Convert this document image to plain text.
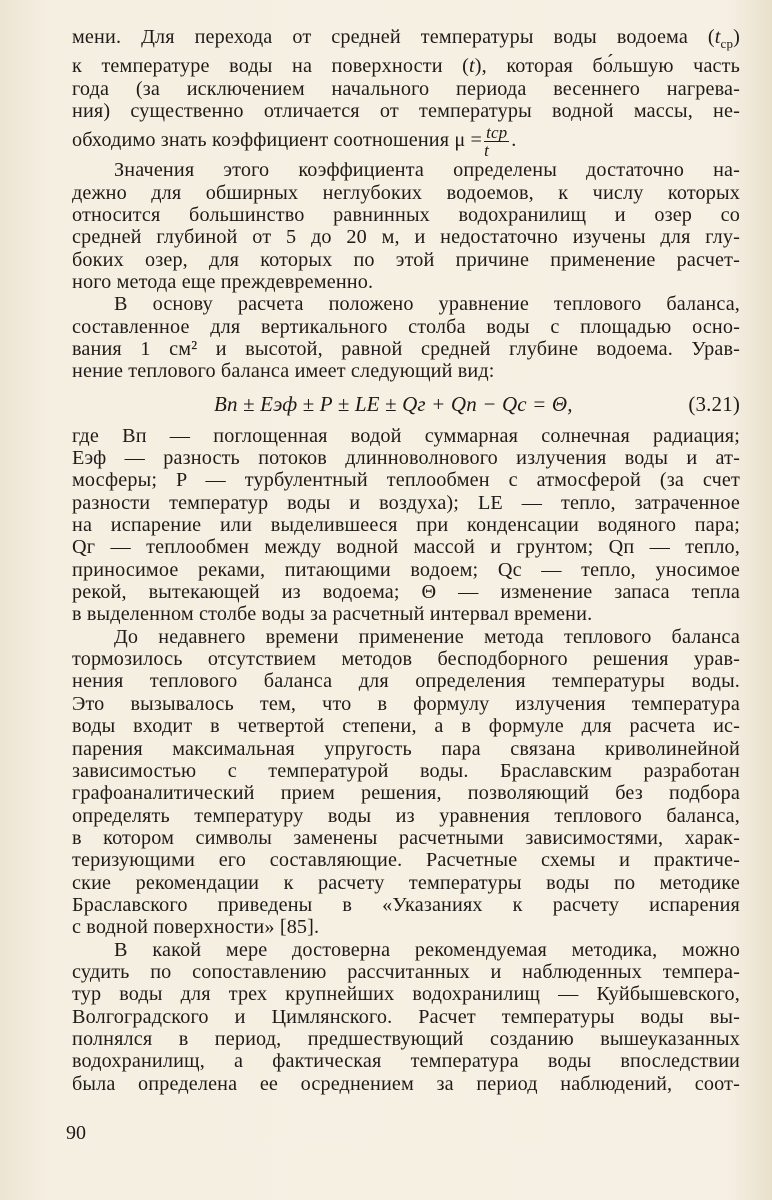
мени. Для перехода от средней температуры воды водоема $(t_{ср})$
к температуре воды на поверхности (t), которая бо́льшую часть
года (за исключением начального периода весеннего нагрева-
ния) существенно отличается от температуры водной массы, не-
обходимо знать коэффициент соотношения $\mu = \frac{\text{tср}}{t}$ .
Значения этого коэффициента определены достаточно на-
дежно для обширных неглубоких водоемов, к числу которых
относится большинство равнинных водохранилищ и озер со
средней глубиной от 5 до 20 м, и недостаточно изучены для глу-
боких озер, для которых по этой причине применение расчет-
ного метода еще преждевременно.
В основу расчета положено уравнение теплового баланса,
составленное для вертикального столба воды с площадью осно-
вания 1 см² и высотой, равной средней глубине водоема. Урав-
нение теплового баланса имеет следующий вид:
Bп ± Eэф ± P ± LE ± Qг + Qп − Qс = Θ,	(3.21)
где Bп — поглощенная водой суммарная солнечная радиация;
Eэф — разность потоков длинноволнового излучения воды и ат-
мосферы; P — турбулентный теплообмен с атмосферой (за счет
разности температур воды и воздуха); LE — тепло, затраченное
на испарение или выделившееся при конденсации водяного пара;
Qг — теплообмен между водной массой и грунтом; Qп — тепло,
приносимое реками, питающими водоем; Qс — тепло, уносимое
рекой, вытекающей из водоема; Θ — изменение запаса тепла
в выделенном столбе воды за расчетный интервал времени.
До недавнего времени применение метода теплового баланса
тормозилось отсутствием методов бесподборного решения урав-
нения теплового баланса для определения температуры воды.
Это вызывалось тем, что в формулу излучения температура
воды входит в четвертой степени, а в формуле для расчета ис-
парения максимальная упругость пара связана криволинейной
зависимостью с температурой воды. Браславским разработан
графоаналитический прием решения, позволяющий без подбора
определять температуру воды из уравнения теплового баланса,
в котором символы заменены расчетными зависимостями, харак-
теризующими его составляющие. Расчетные схемы и практиче-
ские рекомендации к расчету температуры воды по методике
Браславского приведены в «Указаниях к расчету испарения
с водной поверхности» [85].
В какой мере достоверна рекомендуемая методика, можно
судить по сопоставлению рассчитанных и наблюденных темпера-
тур воды для трех крупнейших водохранилищ — Куйбышевского,
Волгоградского и Цимлянского. Расчет температуры воды вы-
полнялся в период, предшествующий созданию вышеуказанных
водохранилищ, а фактическая температура воды впоследствии
была определена ее осреднением за период наблюдений, соот-
90
